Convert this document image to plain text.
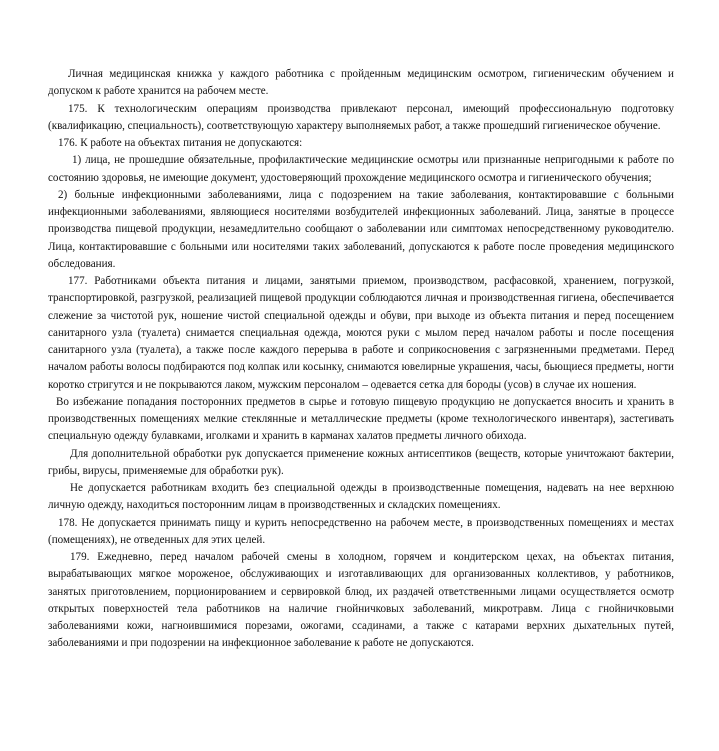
Личная медицинская книжка у каждого работника с пройденным медицинским осмотром, гигиеническим обучением и допуском к работе хранится на рабочем месте.

175. К технологическим операциям производства привлекают персонал, имеющий профессиональную подготовку (квалификацию, специальность), соответствующую характеру выполняемых работ, а также прошедший гигиеническое обучение.

176. К работе на объектах питания не допускаются:

1) лица, не прошедшие обязательные, профилактические медицинские осмотры или признанные непригодными к работе по состоянию здоровья, не имеющие документ, удостоверяющий прохождение медицинского осмотра и гигиенического обучения;

2) больные инфекционными заболеваниями, лица с подозрением на такие заболевания, контактировавшие с больными инфекционными заболеваниями, являющиеся носителями возбудителей инфекционных заболеваний. Лица, занятые в процессе производства пищевой продукции, незамедлительно сообщают о заболевании или симптомах непосредственному руководителю. Лица, контактировавшие с больными или носителями таких заболеваний, допускаются к работе после проведения медицинского обследования.

177. Работниками объекта питания и лицами, занятыми приемом, производством, расфасовкой, хранением, погрузкой, транспортировкой, разгрузкой, реализацией пищевой продукции соблюдаются личная и производственная гигиена, обеспечивается слежение за чистотой рук, ношение чистой специальной одежды и обуви, при выходе из объекта питания и перед посещением санитарного узла (туалета) снимается специальная одежда, моются руки с мылом перед началом работы и после посещения санитарного узла (туалета), а также после каждого перерыва в работе и соприкосновения с загрязненными предметами. Перед началом работы волосы подбираются под колпак или косынку, снимаются ювелирные украшения, часы, бьющиеся предметы, ногти коротко стригутся и не покрываются лаком, мужским персоналом – одевается сетка для бороды (усов) в случае их ношения.

Во избежание попадания посторонних предметов в сырье и готовую пищевую продукцию не допускается вносить и хранить в производственных помещениях мелкие стеклянные и металлические предметы (кроме технологического инвентаря), застегивать специальную одежду булавками, иголками и хранить в карманах халатов предметы личного обихода.

Для дополнительной обработки рук допускается применение кожных антисептиков (веществ, которые уничтожают бактерии, грибы, вирусы, применяемые для обработки рук).

Не допускается работникам входить без специальной одежды в производственные помещения, надевать на нее верхнюю личную одежду, находиться посторонним лицам в производственных и складских помещениях.

178. Не допускается принимать пищу и курить непосредственно на рабочем месте, в производственных помещениях и местах (помещениях), не отведенных для этих целей.

179. Ежедневно, перед началом рабочей смены в холодном, горячем и кондитерском цехах, на объектах питания, вырабатывающих мягкое мороженое, обслуживающих и изготавливающих для организованных коллективов, у работников, занятых приготовлением, порционированием и сервировкой блюд, их раздачей ответственными лицами осуществляется осмотр открытых поверхностей тела работников на наличие гнойничковых заболеваний, микротравм. Лица с гнойничковыми заболеваниями кожи, нагноившимися порезами, ожогами, ссадинами, а также с катарами верхних дыхательных путей, заболеваниями и при подозрении на инфекционное заболевание к работе не допускаются.
